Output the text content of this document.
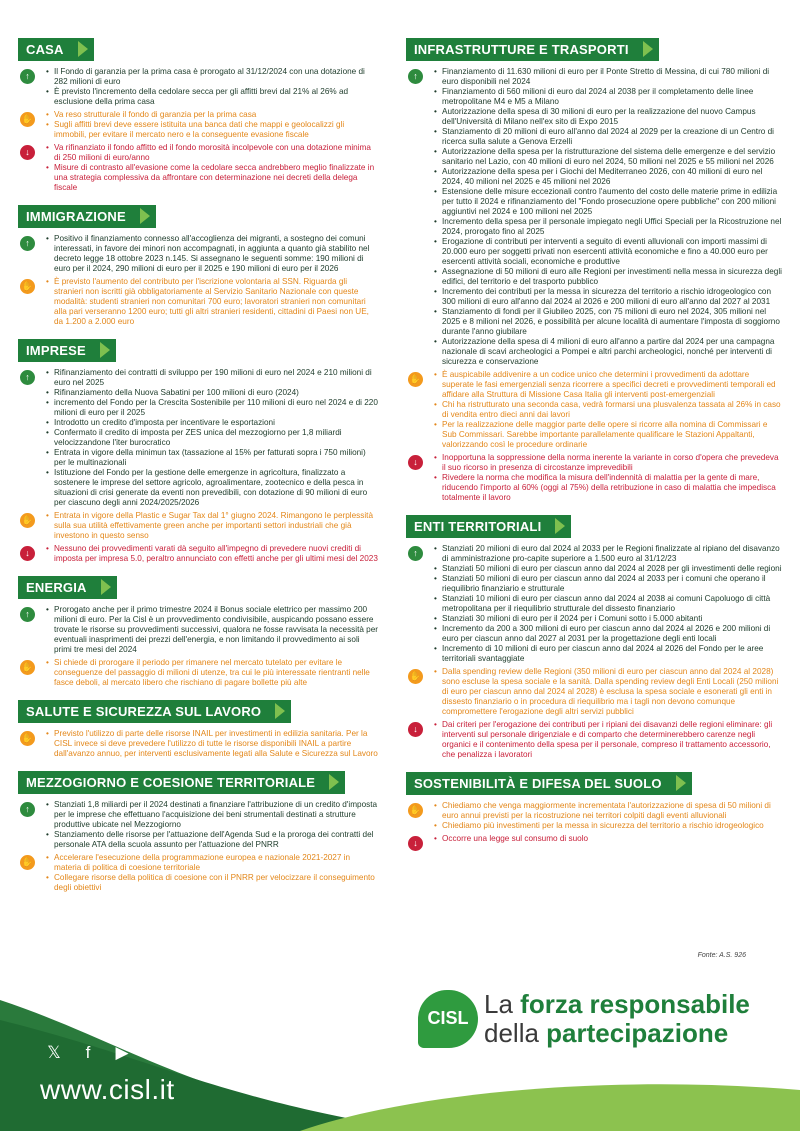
CASA
↑	• Il Fondo di garanzia per la prima casa è prorogato al 31/12/2024 con una dotazione di 282 milioni di euro
• È previsto l'incremento della cedolare secca per gli affitti brevi dal 21% al 26% ad esclusione della prima casa
✋	• Va reso strutturale il fondo di garanzia per la prima casa
• Sugli affitti brevi deve essere istituita una banca dati che mappi e geolocalizzi gli immobili, per evitare il mercato nero e la conseguente evasione fiscale
↓	• Va rifinanziato il fondo affitto ed il fondo morosità incolpevole con una dotazione minima di 250 milioni di euro/anno
• Misure di contrasto all'evasione come la cedolare secca andrebbero meglio finalizzate in una strategia complessiva da affrontare con determinazione nei decreti della delega fiscale
IMMIGRAZIONE
↑	• Positivo il finanziamento connesso all'accoglienza dei migranti, a sostegno dei comuni interessati, in favore dei minori non accompagnati, in aggiunta a quanto già stabilito nel decreto legge 18 ottobre 2023 n.145. Si assegnano le seguenti somme: 190 milioni di euro per il 2024, 290 milioni di euro per il 2025 e 190 milioni di euro per il 2026
✋	• È previsto l'aumento del contributo per l'iscrizione volontaria al SSN. Riguarda gli stranieri non iscritti già obbligatoriamente al Servizio Sanitario Nazionale con queste modalità: studenti stranieri non comunitari 700 euro; lavoratori stranieri non comunitari alla pari verseranno 1200 euro; tutti gli altri stranieri residenti, cittadini di Paesi non UE, da 1.200 a 2.000 euro
IMPRESE
↑	• Rifinanziamento dei contratti di sviluppo per 190 milioni di euro nel 2024 e 210 milioni di euro nel 2025
• Rifinanziamento della Nuova Sabatini per 100 milioni di euro (2024)
• incremento del Fondo per la Crescita Sostenibile per 110 milioni di euro nel 2024 e di 220 milioni di euro per il 2025
• Introdotto un credito d'imposta per incentivare le esportazioni
• Confermato il credito di imposta per ZES unica del mezzogiorno per 1,8 miliardi velocizzandone l'iter burocratico
• Entrata in vigore della minimun tax (tassazione al 15% per fatturati sopra i 750 milioni) per le multinazionali
• Istituzione del Fondo per la gestione delle emergenze in agricoltura, finalizzato a sostenere le imprese del settore agricolo, agroalimentare, zootecnico e della pesca in situazioni di crisi generate da eventi non prevedibili, con dotazione di 90 milioni di euro per ciascuno degli anni 2024/2025/2026
✋	• Entrata in vigore della Plastic e Sugar Tax dal 1° giugno 2024. Rimangono le perplessità sulla sua utilità effettivamente green anche per importanti settori industriali che già investono in questo senso
↓	• Nessuno dei provvedimenti varati dà seguito all'impegno di prevedere nuovi crediti di imposta per impresa 5.0, peraltro annunciato con effetti anche per gli ultimi mesi del 2023
ENERGIA
↑	• Prorogato anche per il primo trimestre 2024 il Bonus sociale elettrico per massimo 200 milioni di euro. Per la Cisl è un provvedimento condivisibile, auspicando possano essere trovate le risorse su provvedimenti successivi, qualora ne fosse ravvisata la necessità per eventuali inasprimenti dei prezzi dell'energia, e non limitando il provvedimento ai soli primi tre mesi del 2024
✋	• Si chiede di prorogare il periodo per rimanere nel mercato tutelato per evitare le conseguenze del passaggio di milioni di utenze, tra cui le più interessate rientranti nelle fasce deboli, al mercato libero che rischiano di pagare bollette più alte
SALUTE E SICUREZZA SUL LAVORO
✋	• Previsto l'utilizzo di parte delle risorse INAIL per investimenti in edilizia sanitaria. Per la CISL invece si deve prevedere l'utilizzo di tutte le risorse disponibili INAIL a partire dall'avanzo annuo, per interventi esclusivamente legati alla Salute e Sicurezza sul Lavoro
MEZZOGIORNO E COESIONE TERRITORIALE
↑	• Stanziati 1,8 miliardi per il 2024 destinati a finanziare l'attribuzione di un credito d'imposta per le imprese che effettuano l'acquisizione dei beni strumentali destinati a strutture produttive ubicate nel Mezzogiorno
• Stanziamento delle risorse per l'attuazione dell'Agenda Sud e la proroga dei contratti del personale ATA della scuola assunto per l'attuazione del PNRR
✋	• Accelerare l'esecuzione della programmazione europea e nazionale 2021-2027 in materia di politica di coesione territoriale
• Collegare risorse della politica di coesione con il PNRR per velocizzare il conseguimento degli obiettivi
INFRASTRUTTURE E TRASPORTI
↑	• Finanziamento di 11.630 milioni di euro per il Ponte Stretto di Messina, di cui 780 milioni di euro disponibili nel 2024
• Finanziamento di 560 milioni di euro dal 2024 al 2038 per il completamento delle linee metropolitane M4 e M5 a Milano
• Autorizzazione della spesa di 30 milioni di euro per la realizzazione del nuovo Campus dell'Università di Milano nell'ex sito di Expo 2015
• Stanziamento di 20 milioni di euro all'anno dal 2024 al 2029 per la creazione di un Centro di ricerca sulla salute a Genova Erzelli
• Autorizzazione della spesa per la ristrutturazione del sistema delle emergenze e del servizio sanitario nel Lazio, con 40 milioni di euro nel 2024, 50 milioni nel 2025 e 55 milioni nel 2026
• Autorizzazione della spesa per i Giochi del Mediterraneo 2026, con 40 milioni di euro nel 2024, 40 milioni nel 2025 e 45 milioni nel 2026
• Estensione delle misure eccezionali contro l'aumento del costo delle materie prime in edilizia per tutto il 2024 e rifinanziamento del "Fondo prosecuzione opere pubbliche" con 200 milioni aggiuntivi nel 2024 e 100 milioni nel 2025
• Incremento della spesa per il personale impiegato negli Uffici Speciali per la Ricostruzione nel 2024, prorogato fino al 2025
• Erogazione di contributi per interventi a seguito di eventi alluvionali con importi massimi di 20.000 euro per soggetti privati non esercenti attività economiche e fino a 40.000 euro per esercenti attività sociali, economiche e produttive
• Assegnazione di 50 milioni di euro alle Regioni per investimenti nella messa in sicurezza degli edifici, del territorio e del trasporto pubblico
• Incremento dei contributi per la messa in sicurezza del territorio a rischio idrogeologico con 300 milioni di euro all'anno dal 2024 al 2026 e 200 milioni di euro all'anno dal 2027 al 2031
• Stanziamento di fondi per il Giubileo 2025, con 75 milioni di euro nel 2024, 305 milioni nel 2025 e 8 milioni nel 2026, e possibilità per alcune località di aumentare l'imposta di soggiorno durante l'anno giubilare
• Autorizzazione della spesa di 4 milioni di euro all'anno a partire dal 2024 per una campagna nazionale di scavi archeologici a Pompei e altri parchi archeologici, nonché per interventi di sicurezza e conservazione
✋	• È auspicabile addivenire a un codice unico che determini i provvedimenti da adottare superate le fasi emergenziali senza ricorrere a specifici decreti e provvedimenti temporali ed affidare alla Struttura di Missione Casa Italia gli interventi post-emergenziali
• Chi ha ristrutturato una seconda casa, vedrà formarsi una plusvalenza tassata al 26% in caso di vendita entro dieci anni dai lavori
• Per la realizzazione delle maggior parte delle opere si ricorre alla nomina di Commissari e Sub Commissari. Sarebbe importante parallelamente qualificare le Stazioni Appaltanti, valorizzando così le procedure ordinarie
↓	• Inopportuna la soppressione della norma inerente la variante in corso d'opera che prevedeva il suo ricorso in presenza di circostanze imprevedibili
• Rivedere la norma che modifica la misura dell'indennità di malattia per la gente di mare, riducendo l'importo al 60% (oggi al 75%) della retribuzione in caso di malattia che impedisca totalmente il lavoro
ENTI TERRITORIALI
↑	• Stanziati 20 milioni di euro dal 2024 al 2033 per le Regioni finalizzate al ripiano del disavanzo di amministrazione pro-capite superiore a 1.500 euro al 31/12/23
• Stanziati 50 milioni di euro per ciascun anno dal 2024 al 2028 per gli investimenti delle regioni
• Stanziati 50 milioni di euro per ciascun anno dal 2024 al 2033 per i comuni che operano il riequilibrio finanziario e strutturale
• Stanziati 10 milioni di euro per ciascun anno dal 2024 al 2038 ai comuni Capoluogo di città metropolitana per il riequilibrio strutturale del dissesto finanziario
• Stanziati 30 milioni di euro per il 2024 per i Comuni sotto i 5.000 abitanti
• Incremento da 200 a 300 milioni di euro per ciascun anno dal 2024 al 2026 e 200 milioni di euro per ciascun anno dal 2027 al 2031 per la progettazione degli enti locali
• Incremento di 10 milioni di euro per ciascun anno dal 2024 al 2026 del Fondo per le aree territoriali svantaggiate
✋	• Dalla spending review delle Regioni (350 milioni di euro per ciascun anno dal 2024 al 2028) sono escluse la spesa sociale e la sanità. Dalla spending review degli Enti Locali (250 milioni di euro per ciascun anno dal 2024 al 2028) è esclusa la spesa sociale e esonerati gli enti in dissesto finanziario o in procedura di riequilibrio ma i tagli non devono comunque compromettere l'erogazione degli altri servizi pubblici
↓	• Dai criteri per l'erogazione dei contributi per i ripiani dei disavanzi delle regioni eliminare: gli interventi sul personale dirigenziale e di comparto che determinerebbero carenze negli organici e il contenimento della spesa per il personale, compreso il trattamento accessorio, che penalizza i lavoratori
SOSTENIBILITÀ E DIFESA DEL SUOLO
✋	• Chiediamo che venga maggiormente incrementata l'autorizzazione di spesa di 50 milioni di euro annui previsti per la ricostruzione nei territori colpiti dagli eventi alluvionali
• Chiediamo più investimenti per la messa in sicurezza del territorio a rischio idrogeologico
↓	• Occorre una legge sul consumo di suolo
Fonte: A.S. 926
CISL La forza responsabile
della partecipazione
𝕏	f	▶ ◎ ◔
www.cisl.it
